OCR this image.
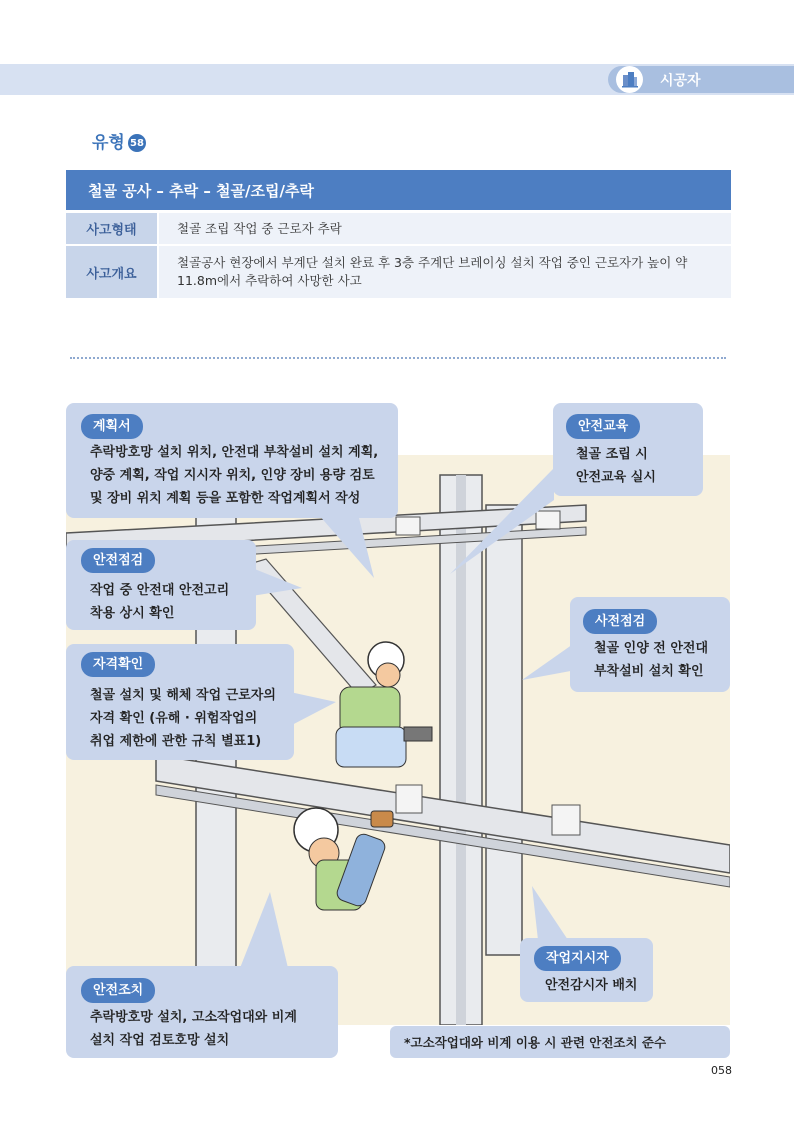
시공자
유형 58
철골 공사 – 추락 – 철골/조립/추락
사고형태	철골 조립 작업 중 근로자 추락
사고개요
철골공사 현장에서 부계단 설치 완료 후 3층 주계단 브레이싱 설치 작업 중인 근로자가 높이 약 11.8m에서 추락하여 사망한 사고
계획서
추락방호망 설치 위치, 안전대 부착설비 설치 계획,
양중 계획, 작업 지시자 위치, 인양 장비 용량 검토
및 장비 위치 계획 등을 포함한 작업계획서 작성
안전교육
철골 조립 시
안전교육 실시
안전점검
작업 중 안전대 안전고리
착용 상시 확인
사전점검
철골 인양 전 안전대
부착설비 설치 확인
자격확인
철골 설치 및 해체 작업 근로자의
자격 확인 (유해 · 위험작업의
취업 제한에 관한 규칙 별표1)
작업지시자
안전감시자 배치
안전조치
추락방호망 설치, 고소작업대와 비계
설치 작업 검토호망 설치	*고소작업대와 비계 이용 시 관련 안전조치 준수
058
